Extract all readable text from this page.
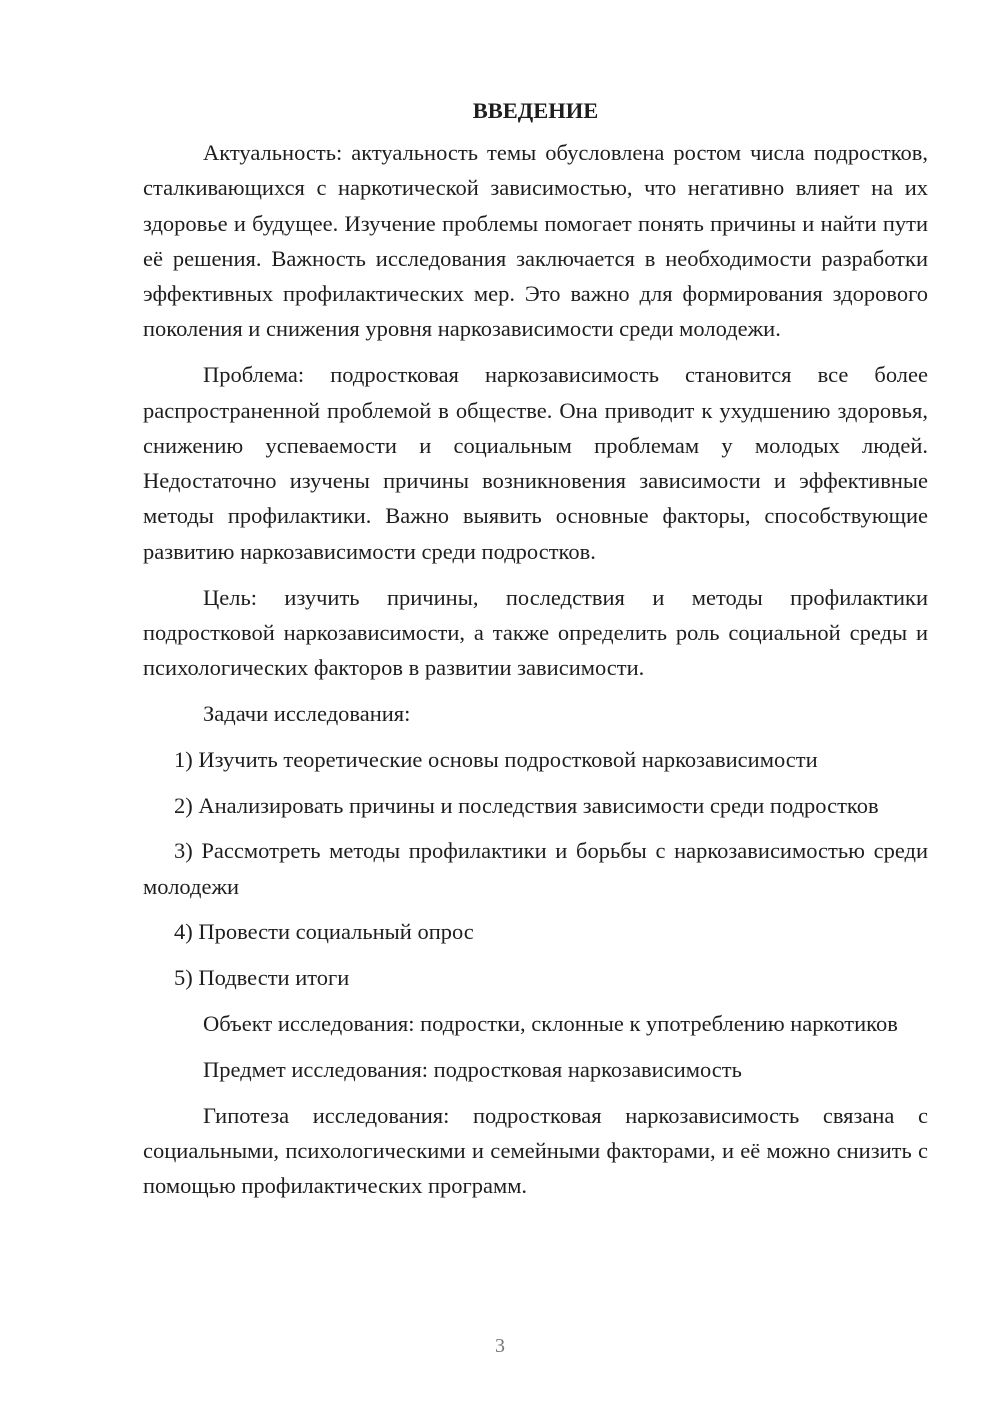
ВВЕДЕНИЕ

Актуальность: актуальность темы обусловлена ростом числа подростков, сталкивающихся с наркотической зависимостью, что негативно влияет на их здоровье и будущее. Изучение проблемы помогает понять причины и найти пути её решения. Важность исследования заключается в необходимости разработки эффективных профилактических мер. Это важно для формирования здорового поколения и снижения уровня наркозависимости среди молодежи.

Проблема: подростковая наркозависимость становится все более распространенной проблемой в обществе. Она приводит к ухудшению здоровья, снижению успеваемости и социальным проблемам у молодых людей. Недостаточно изучены причины возникновения зависимости и эффективные методы профилактики. Важно выявить основные факторы, способствующие развитию наркозависимости среди подростков.

Цель: изучить причины, последствия и методы профилактики подростковой наркозависимости, а также определить роль социальной среды и психологических факторов в развитии зависимости.

Задачи исследования:

1) Изучить теоретические основы подростковой наркозависимости

2) Анализировать причины и последствия зависимости среди подростков

3) Рассмотреть методы профилактики и борьбы с наркозависимостью среди молодежи

4) Провести социальный опрос

5) Подвести итоги

Объект исследования: подростки, склонные к употреблению наркотиков

Предмет исследования: подростковая наркозависимость

Гипотеза исследования: подростковая наркозависимость связана с социальными, психологическими и семейными факторами, и её можно снизить с помощью профилактических программ.

3
